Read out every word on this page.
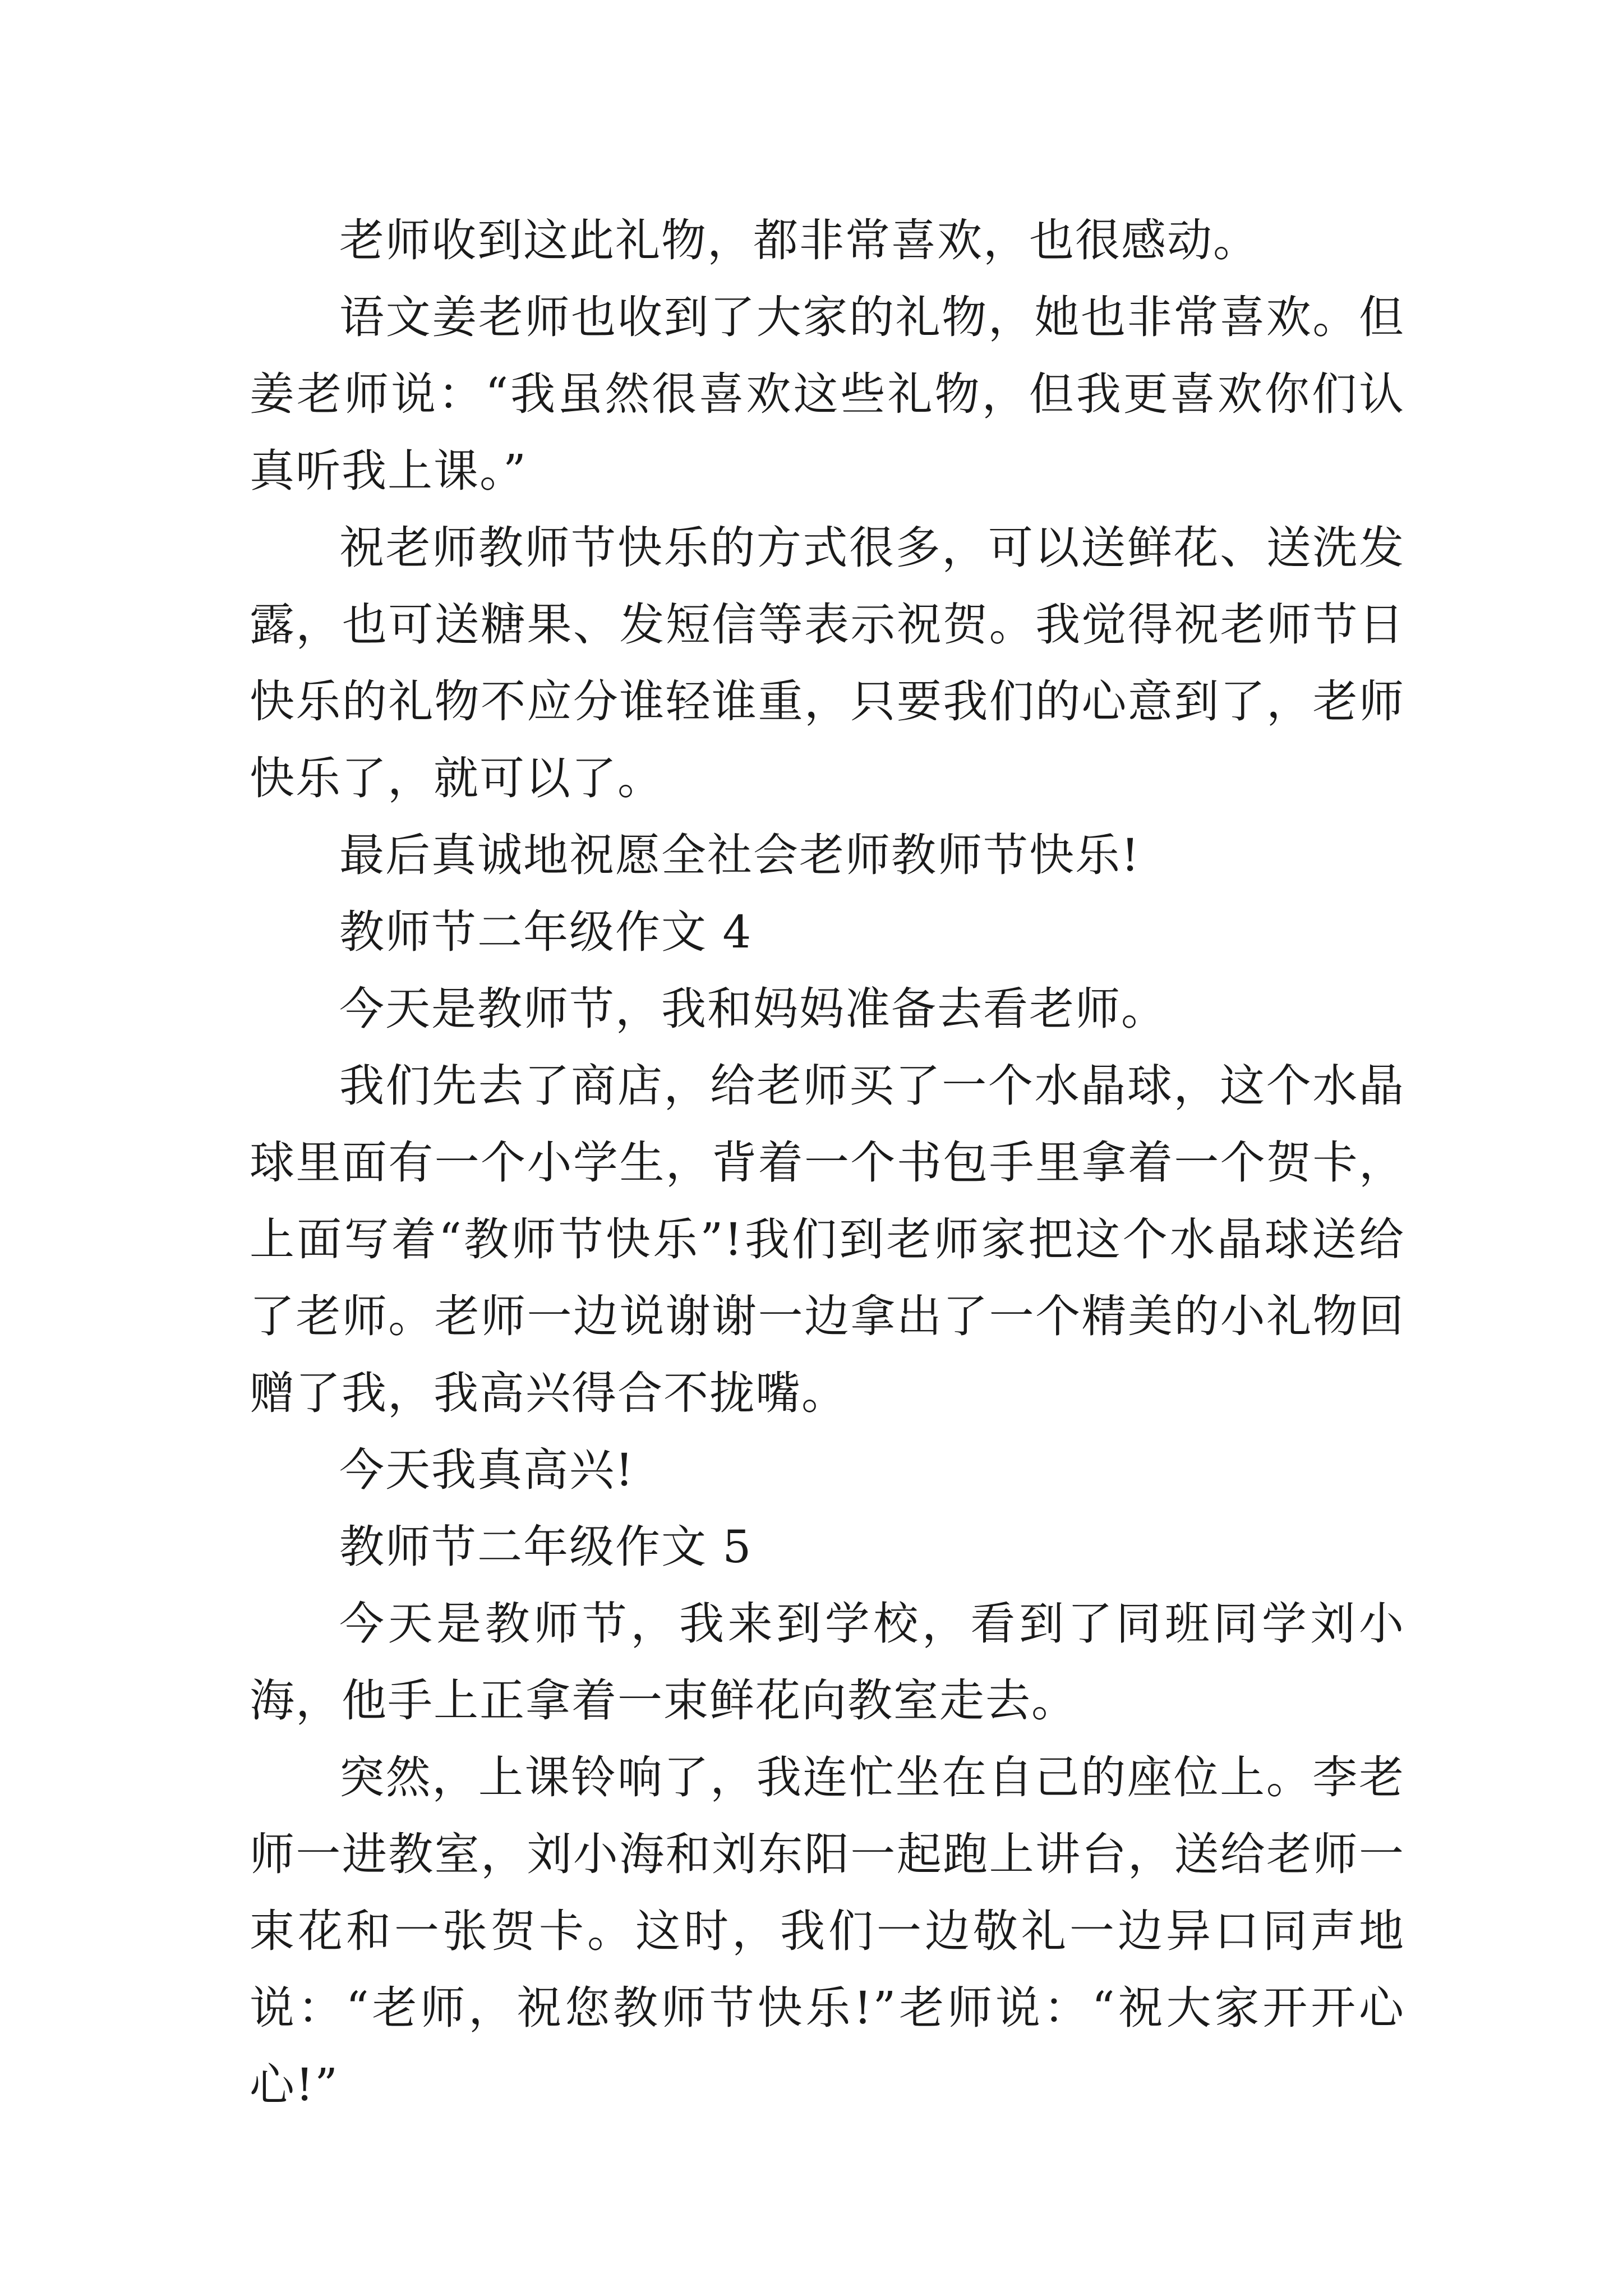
老师收到这此礼物，都非常喜欢，也很感动。

语文姜老师也收到了大家的礼物，她也非常喜欢。但姜老师说：“我虽然很喜欢这些礼物，但我更喜欢你们认真听我上课。”

祝老师教师节快乐的方式很多，可以送鲜花、送洗发露，也可送糖果、发短信等表示祝贺。我觉得祝老师节日快乐的礼物不应分谁轻谁重，只要我们的心意到了，老师快乐了，就可以了。

最后真诚地祝愿全社会老师教师节快乐!

教师节二年级作文 4

今天是教师节，我和妈妈准备去看老师。

我们先去了商店，给老师买了一个水晶球，这个水晶球里面有一个小学生，背着一个书包手里拿着一个贺卡，上面写着“教师节快乐”!我们到老师家把这个水晶球送给了老师。老师一边说谢谢一边拿出了一个精美的小礼物回赠了我，我高兴得合不拢嘴。

今天我真高兴!

教师节二年级作文 5

今天是教师节，我来到学校，看到了同班同学刘小海，他手上正拿着一束鲜花向教室走去。

突然，上课铃响了，我连忙坐在自己的座位上。李老师一进教室，刘小海和刘东阳一起跑上讲台，送给老师一束花和一张贺卡。这时，我们一边敬礼一边异口同声地说：“老师，祝您教师节快乐!”老师说：“祝大家开开心心!”
